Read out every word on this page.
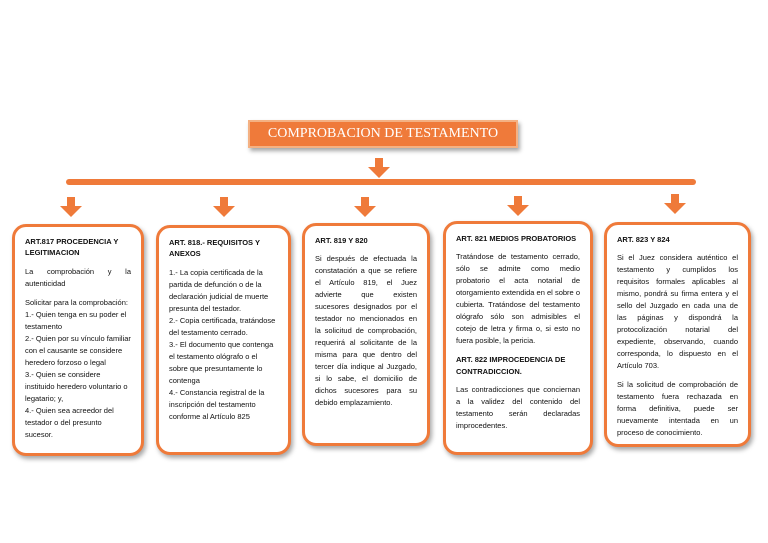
COMPROBACION DE TESTAMENTO
ART.817 PROCEDENCIA Y LEGITIMACION

La comprobación y la autenticidad

Solicitar para la comprobación:

1.- Quien tenga en su poder el testamento
2.- Quien por su vínculo familiar con el causante se considere heredero forzoso o legal
3.- Quien se considere instituido heredero voluntario o legatario; y,
4.- Quien sea acreedor del testador o del presunto sucesor.
ART. 818.- REQUISITOS Y ANEXOS
1.- La copia certificada de la partida de defunción o de la declaración judicial de muerte presunta del testador.
2.- Copia certificada, tratándose del testamento cerrado.
3.- El documento que contenga el testamento ológrafo o el sobre que presuntamente lo contenga
4.- Constancia registral de la inscripción del testamento conforme al Artículo 825
ART. 819 Y 820

Si después de efectuada la constatación a que se refiere el Artículo 819, el Juez advierte que existen sucesores designados por el testador no mencionados en la solicitud de comprobación, requerirá al solicitante de la misma para que dentro del tercer día indique al Juzgado, si lo sabe, el domicilio de dichos sucesores para su debido emplazamiento.

ART. 821 MEDIOS PROBATORIOS

Tratándose de testamento cerrado, sólo se admite como medio probatorio el acta notarial de otorgamiento extendida en el sobre o cubierta. Tratándose del testamento ológrafo sólo son admisibles el cotejo de letra y firma o, si esto no fuera posible, la pericia.

ART. 822 IMPROCEDENCIA DE CONTRADICCION.

Las contradicciones que conciernan a la validez del contenido del testamento serán declaradas improcedentes.

ART. 823 Y 824

Si el Juez considera auténtico el testamento y cumplidos los requisitos formales aplicables al mismo, pondrá su firma entera y el sello del Juzgado en cada una de las páginas y dispondrá la protocolización notarial del expediente, observando, cuando corresponda, lo dispuesto en el Artículo 703.

Si la solicitud de comprobación de testamento fuera rechazada en forma definitiva, puede ser nuevamente intentada en un proceso de conocimiento.
